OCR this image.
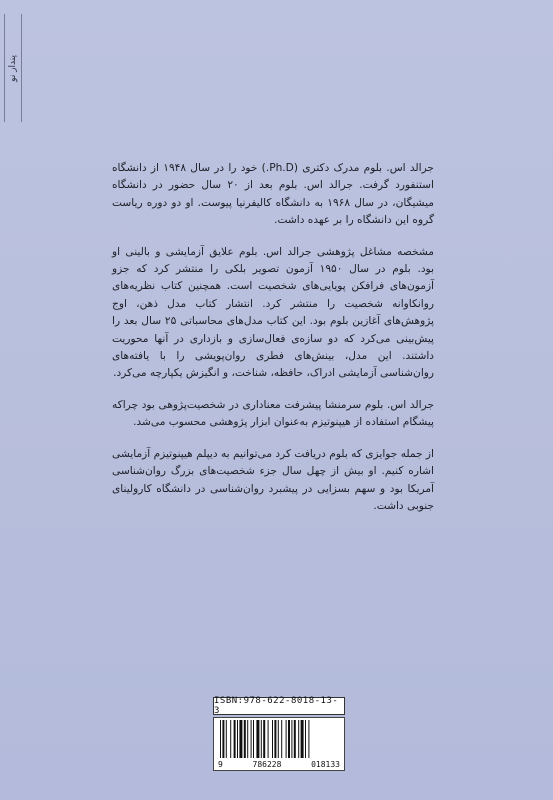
پندار نو

جرالد اس. بلوم مدرک دکتری (Ph.D.) خود را در سال ۱۹۴۸ از دانشگاه استنفورد گرفت. جرالد اس. بلوم بعد از ۲۰ سال حضور در دانشگاه میشیگان، در سال ۱۹۶۸ به دانشگاه کالیفرنیا پیوست. او دو دوره ریاست گروه این دانشگاه را بر عهده داشت.

مشخصه مشاغل پژوهشی جرالد اس. بلوم علایق آزمایشی و بالینی او بود. بلوم در سال ۱۹۵۰ آزمون تصویر بلکی را منتشر کرد که جزو آزمون‌های فرافکن پویایی‌های شخصیت است. همچنین کتاب نظریه‌های روانکاوانه شخصیت را منتشر کرد. انتشار کتاب مدل ذهن، اوج پژوهش‌های آغازین بلوم بود. این کتاب مدل‌های محاسباتی ۲۵ سال بعد را پیش‌بینی می‌کرد که دو سازه‌ی فعال‌سازی و بازداری در آنها محوریت داشتند. این مدل، بینش‌های فطری روان‌پویشی را با یافته‌های روان‌شناسی آزمایشی ادراک، حافظه، شناخت، و انگیزش یکپارچه می‌کرد.

جرالد اس. بلوم سرمنشا پیشرفت معناداری در شخصیت‌پژوهی بود چراکه پیشگام استفاده از هیپنوتیزم به‌عنوان ابزار پژوهشی محسوب می‌شد.

از جمله جوایزی که بلوم دریافت کرد می‌توانیم به دیپلم هیپنوتیزم آزمایشی اشاره کنیم. او بیش از چهل سال جزء شخصیت‌های بزرگ روان‌شناسی آمریکا بود و سهم بسزایی در پیشبرد روان‌شناسی در دانشگاه کارولینای جنوبی داشت.

ISBN:978-622-8018-13-3
9	786228	018133
